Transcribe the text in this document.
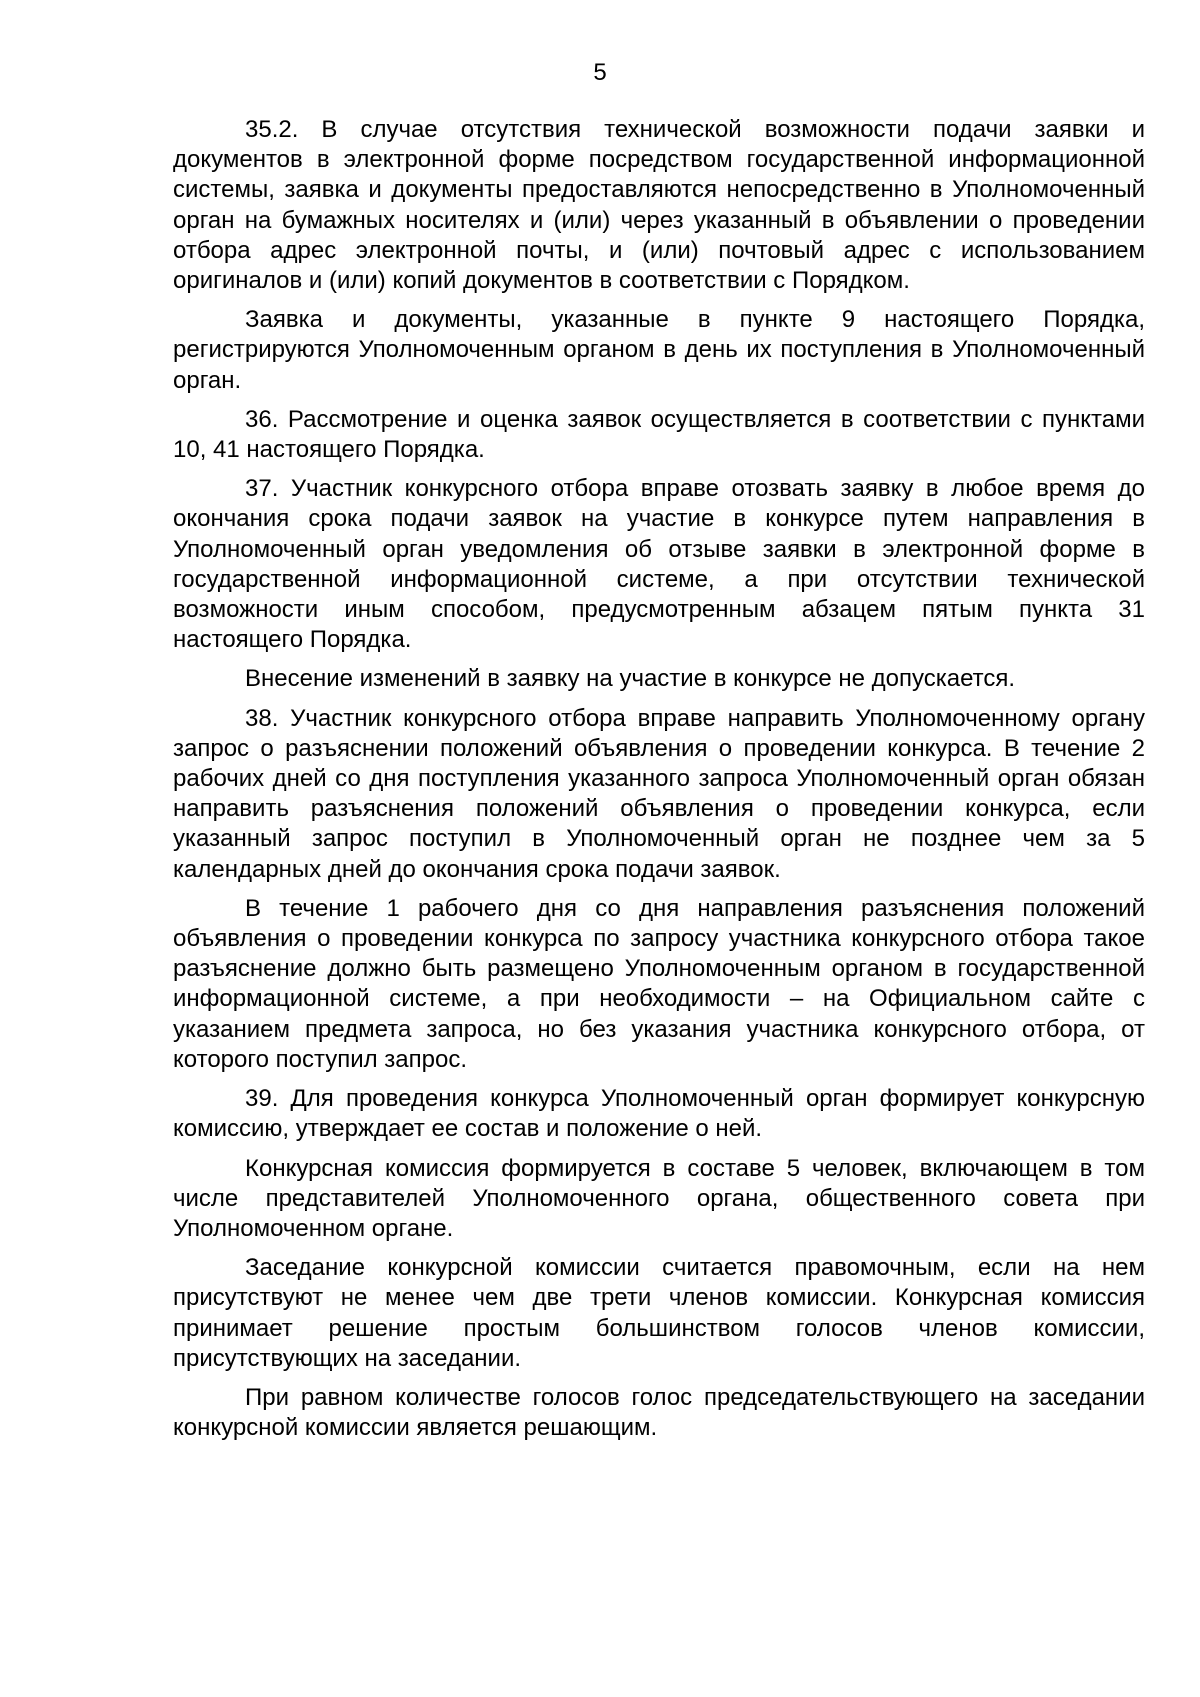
5

35.2. В случае отсутствия технической возможности подачи заявки и документов в электронной форме посредством государственной информационной системы, заявка и документы предоставляются непосредственно в Уполномоченный орган на бумажных носителях и (или) через указанный в объявлении о проведении отбора адрес электронной почты, и (или) почтовый адрес с использованием оригиналов и (или) копий документов в соответствии с Порядком.

Заявка и документы, указанные в пункте 9 настоящего Порядка, регистрируются Уполномоченным органом в день их поступления в Уполномоченный орган.

36. Рассмотрение и оценка заявок осуществляется в соответствии с пунктами 10, 41 настоящего Порядка.

37. Участник конкурсного отбора вправе отозвать заявку в любое время до окончания срока подачи заявок на участие в конкурсе путем направления в Уполномоченный орган уведомления об отзыве заявки в электронной форме в государственной информационной системе, а при отсутствии технической возможности иным способом, предусмотренным абзацем пятым пункта 31 настоящего Порядка.

Внесение изменений в заявку на участие в конкурсе не допускается.

38. Участник конкурсного отбора вправе направить Уполномоченному органу запрос о разъяснении положений объявления о проведении конкурса. В течение 2 рабочих дней со дня поступления указанного запроса Уполномоченный орган обязан направить разъяснения положений объявления о проведении конкурса, если указанный запрос поступил в Уполномоченный орган не позднее чем за 5 календарных дней до окончания срока подачи заявок.

В течение 1 рабочего дня со дня направления разъяснения положений объявления о проведении конкурса по запросу участника конкурсного отбора такое разъяснение должно быть размещено Уполномоченным органом в государственной информационной системе, а при необходимости – на Официальном сайте с указанием предмета запроса, но без указания участника конкурсного отбора, от которого поступил запрос.

39. Для проведения конкурса Уполномоченный орган формирует конкурсную комиссию, утверждает ее состав и положение о ней.

Конкурсная комиссия формируется в составе 5 человек, включающем в том числе представителей Уполномоченного органа, общественного совета при Уполномоченном органе.

Заседание конкурсной комиссии считается правомочным, если на нем присутствуют не менее чем две трети членов комиссии. Конкурсная комиссия принимает решение простым большинством голосов членов комиссии, присутствующих на заседании.

При равном количестве голосов голос председательствующего на заседании конкурсной комиссии является решающим.
